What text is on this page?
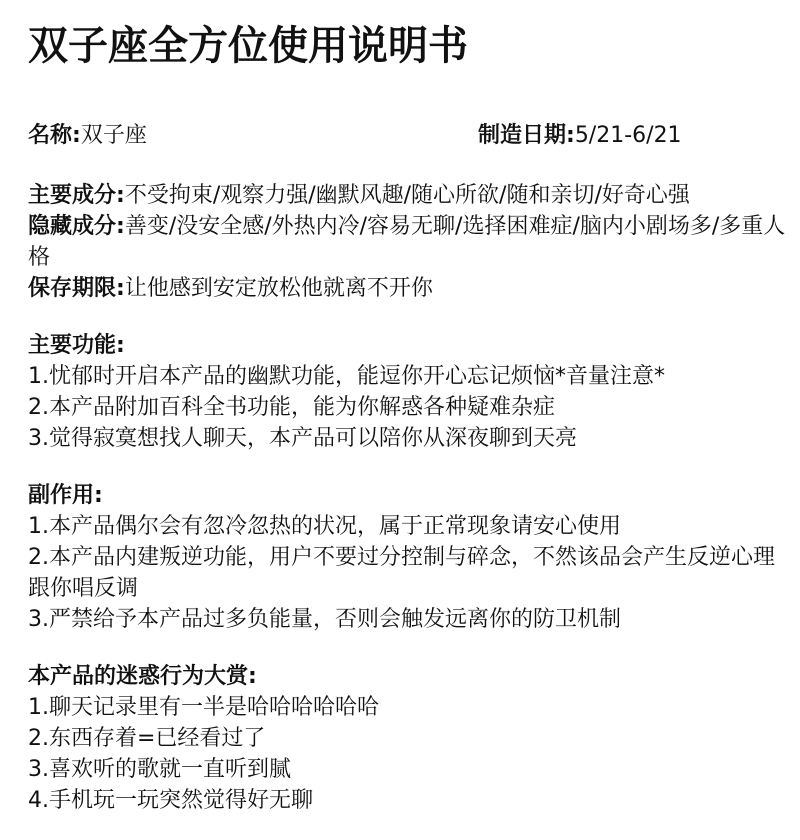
双子座全方位使用说明书
名称:双子座	制造日期:5/21-6/21

主要成分:不受拘束/观察力强/幽默风趣/随心所欲/随和亲切/好奇心强

隐藏成分:善变/没安全感/外热内冷/容易无聊/选择困难症/脑内小剧场多/多重人格

保存期限:让他感到安定放松他就离不开你

主要功能:

1.忧郁时开启本产品的幽默功能，能逗你开心忘记烦恼*音量注意*

2.本产品附加百科全书功能，能为你解惑各种疑难杂症

3.觉得寂寞想找人聊天，本产品可以陪你从深夜聊到天亮

副作用:

1.本产品偶尔会有忽冷忽热的状况，属于正常现象请安心使用

2.本产品内建叛逆功能，用户不要过分控制与碎念，不然该品会产生反逆心理跟你唱反调

3.严禁给予本产品过多负能量，否则会触发远离你的防卫机制

本产品的迷惑行为大赏:

1.聊天记录里有一半是哈哈哈哈哈哈

2.东西存着=已经看过了

3.喜欢听的歌就一直听到腻

4.手机玩一玩突然觉得好无聊
